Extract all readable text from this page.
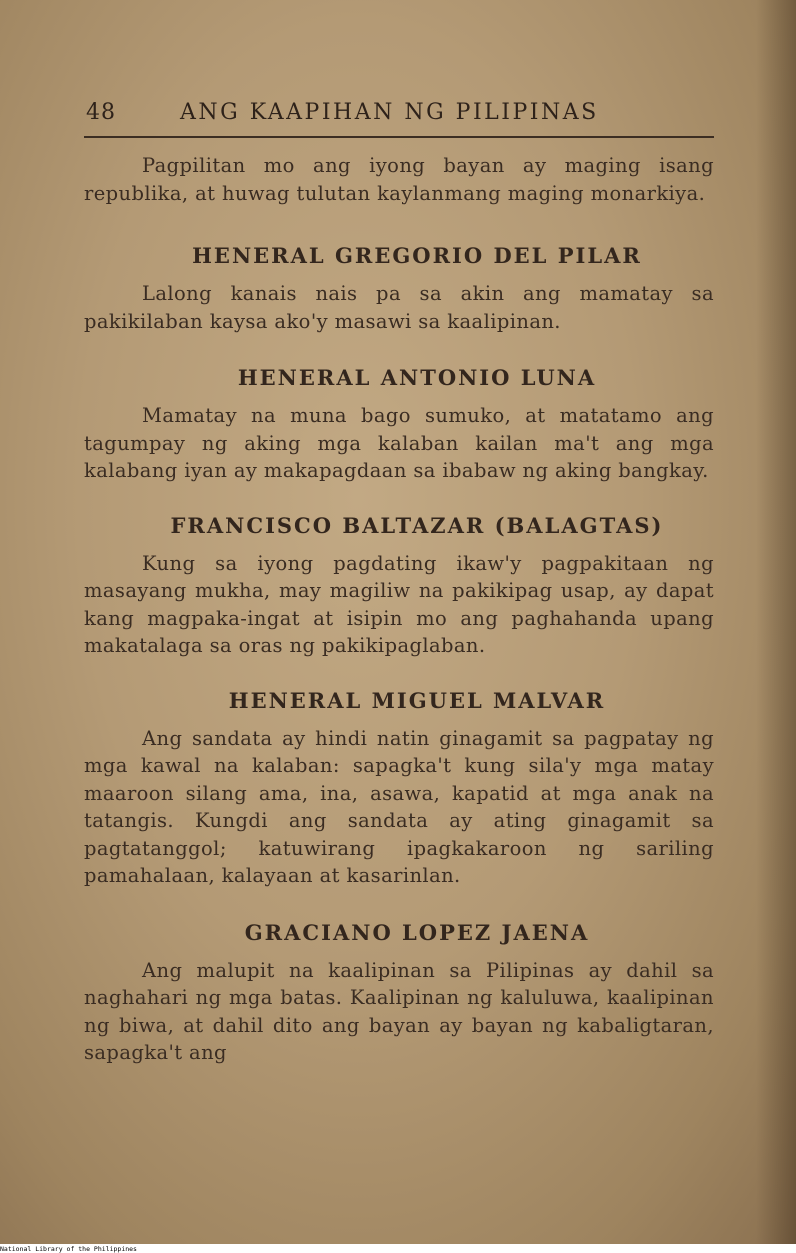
48	ANG KAAPIHAN NG PILIPINAS

Pagpilitan mo ang iyong bayan ay maging isang republika, at huwag tulutan kaylanmang maging monarkiya.

HENERAL GREGORIO DEL PILAR

Lalong kanais nais pa sa akin ang mamatay sa pakikilaban kaysa ako'y masawi sa kaalipinan.

HENERAL ANTONIO LUNA

Mamatay na muna bago sumuko, at matatamo ang tagumpay ng aking mga kalaban kailan ma't ang mga kalabang iyan ay makapagdaan sa ibabaw ng aking bangkay.

FRANCISCO BALTAZAR (BALAGTAS)

Kung sa iyong pagdating ikaw'y pagpakitaan ng masayang mukha, may magiliw na pakikipag usap, ay dapat kang magpaka-ingat at isipin mo ang paghahanda upang makatalaga sa oras ng pakikipaglaban.

HENERAL MIGUEL MALVAR

Ang sandata ay hindi natin ginagamit sa pagpatay ng mga kawal na kalaban: sapagka't kung sila'y mga matay maaroon silang ama, ina, asawa, kapatid at mga anak na tatangis. Kungdi ang sandata ay ating ginagamit sa pagtatanggol; katuwirang ipagkakaroon ng sariling pamahalaan, kalayaan at kasarinlan.

GRACIANO LOPEZ JAENA

Ang malupit na kaalipinan sa Pilipinas ay dahil sa naghahari ng mga batas. Kaalipinan ng kaluluwa, kaalipinan ng biwa, at dahil dito ang bayan ay bayan ng kabaligtaran, sapagka't ang

National Library of the Philippines
